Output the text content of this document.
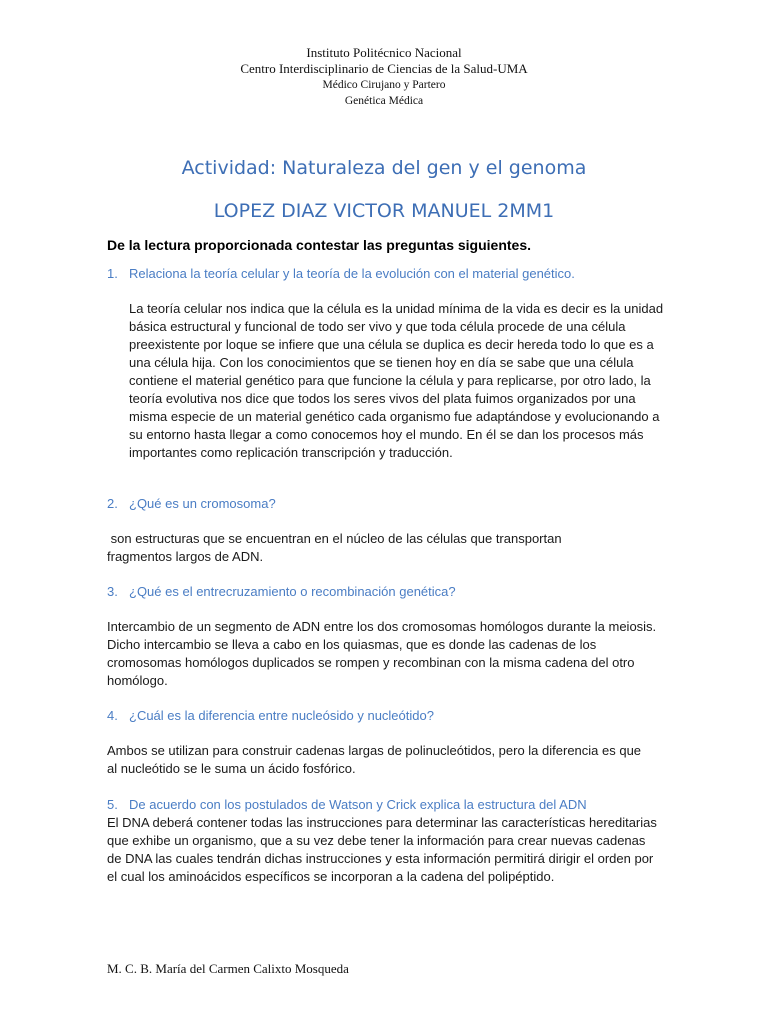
Instituto Politécnico Nacional
Centro Interdisciplinario de Ciencias de la Salud-UMA
Médico Cirujano y Partero
Genética Médica
Actividad: Naturaleza del gen y el genoma
LOPEZ DIAZ VICTOR MANUEL 2MM1
De la lectura proporcionada contestar las preguntas siguientes.
1. Relaciona la teoría celular y la teoría de la evolución con el material genético.
La teoría celular nos indica que la célula es la unidad mínima de la vida es decir es la unidad básica estructural y funcional de todo ser vivo y que toda célula procede de una célula preexistente por loque se infiere que una célula se duplica es decir hereda todo lo que es a una célula hija. Con los conocimientos que se tienen hoy en día se sabe que una célula contiene el material genético para que funcione la célula y para replicarse, por otro lado, la teoría evolutiva nos dice que todos los seres vivos del plata fuimos organizados por una misma especie de un material genético cada organismo fue adaptándose y evolucionando a su entorno hasta llegar a como conocemos hoy el mundo. En él se dan los procesos más importantes como replicación transcripción y traducción.
2. ¿Qué es un cromosoma?
son estructuras que se encuentran en el núcleo de las células que transportan fragmentos largos de ADN.
3. ¿Qué es el entrecruzamiento o recombinación genética?
Intercambio de un segmento de ADN entre los dos cromosomas homólogos durante la meiosis. Dicho intercambio se lleva a cabo en los quiasmas, que es donde las cadenas de los cromosomas homólogos duplicados se rompen y recombinan con la misma cadena del otro homólogo.
4. ¿Cuál es la diferencia entre nucleósido y nucleótido?
Ambos se utilizan para construir cadenas largas de polinucleótidos, pero la diferencia es que al nucleótido se le suma un ácido fosfórico.
5. De acuerdo con los postulados de Watson y Crick explica la estructura del ADN
El DNA deberá contener todas las instrucciones para determinar las características hereditarias que exhibe un organismo, que a su vez debe tener la información para crear nuevas cadenas de DNA las cuales tendrán dichas instrucciones y esta información permitirá dirigir el orden por el cual los aminoácidos específicos se incorporan a la cadena del polipéptido.
M. C. B. María del Carmen Calixto Mosqueda
